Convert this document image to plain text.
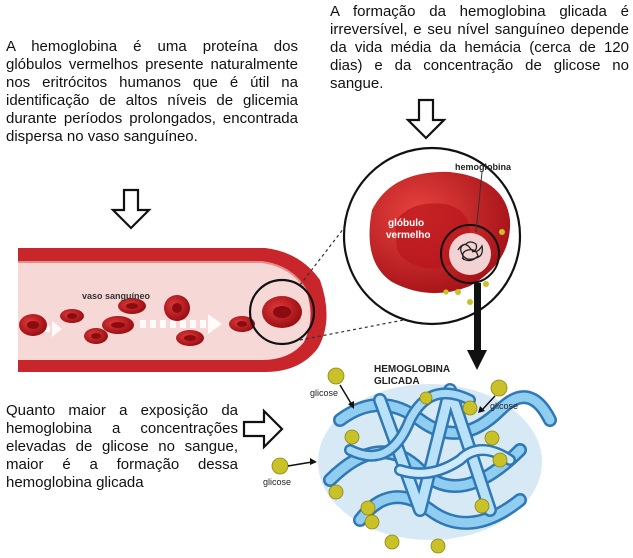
A hemoglobina é uma proteína dos glóbulos vermelhos presente naturalmente nos eritrócitos humanos que é útil na identificação de altos níveis de glicemia durante períodos prolongados, encontrada dispersa no vaso sanguíneo.
A formação da hemoglobina glicada é irreversível, e seu nível sanguíneo depende da vida média da hemácia (cerca de 120 dias) e da concentração de glicose no sangue.
Quanto maior a exposição da hemoglobina a concentrações elevadas de glicose no sangue, maior é a formação dessa hemoglobina glicada
vaso sanguíneo
hemoglobina
glóbulo
vermelho
HEMOGLOBINA
GLICADA
glicose
glicose
glicose
